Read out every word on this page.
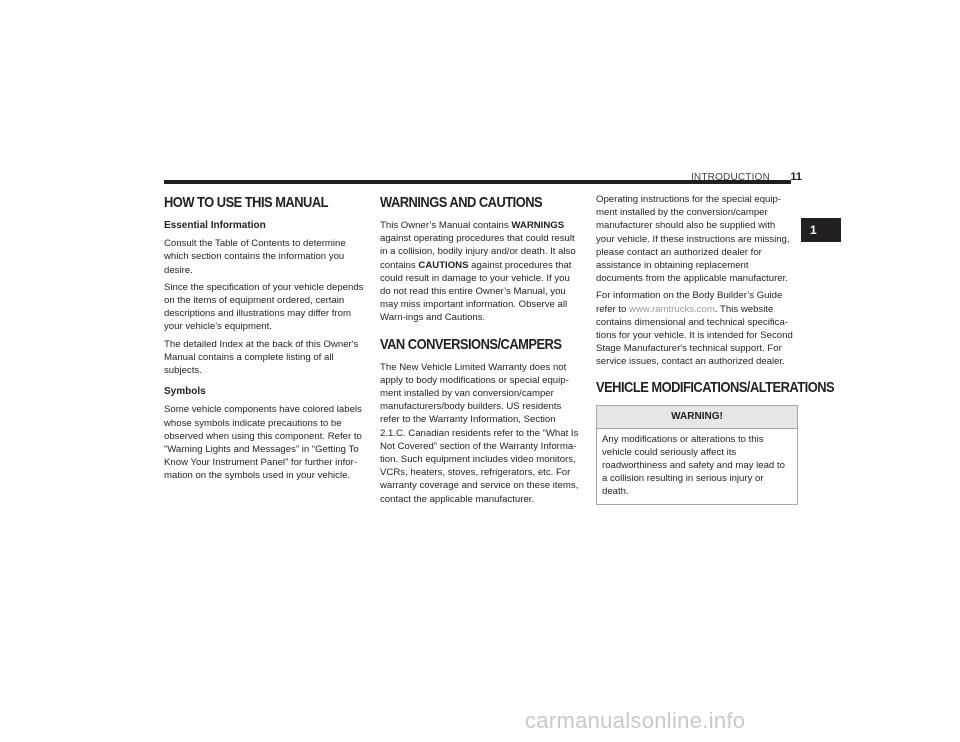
INTRODUCTION	11
1
HOW TO USE THIS MANUAL
Essential Information

Consult the Table of Contents to determine which section contains the information you desire.

Since the specification of your vehicle depends on the items of equipment ordered, certain descriptions and illustrations may differ from your vehicle's equipment.

The detailed Index at the back of this Owner's Manual contains a complete listing of all subjects.

Symbols

Some vehicle components have colored labels whose symbols indicate precautions to be observed when using this component. Refer to “Warning Lights and Messages” in “Getting To Know Your Instrument Panel” for further infor-mation on the symbols used in your vehicle.

WARNINGS AND CAUTIONS

This Owner’s Manual contains WARNINGS against operating procedures that could result in a collision, bodily injury and/or death. It also contains CAUTIONS against procedures that could result in damage to your vehicle. If you do not read this entire Owner’s Manual, you may miss important information. Observe all Warn-ings and Cautions.

VAN CONVERSIONS/CAMPERS

The New Vehicle Limited Warranty does not apply to body modifications or special equip-ment installed by van conversion/camper manufacturers/body builders. US residents refer to the Warranty Information, Section 2.1.C. Canadian residents refer to the “What Is Not Covered” section of the Warranty Informa-tion. Such equipment includes video monitors, VCRs, heaters, stoves, refrigerators, etc. For warranty coverage and service on these items, contact the applicable manufacturer.

Operating instructions for the special equip-ment installed by the conversion/camper manufacturer should also be supplied with your vehicle. If these instructions are missing, please contact an authorized dealer for assistance in obtaining replacement documents from the applicable manufacturer.

For information on the Body Builder’s Guide refer to www.ramtrucks.com. This website contains dimensional and technical specifica-tions for your vehicle. It is intended for Second Stage Manufacturer's technical support. For service issues, contact an authorized dealer.

VEHICLE MODIFICATIONS/ALTERATIONS
WARNING!
Any modifications or alterations to this vehicle could seriously affect its roadworthiness and safety and may lead to a collision resulting in serious injury or death.
carmanualsonline.info
